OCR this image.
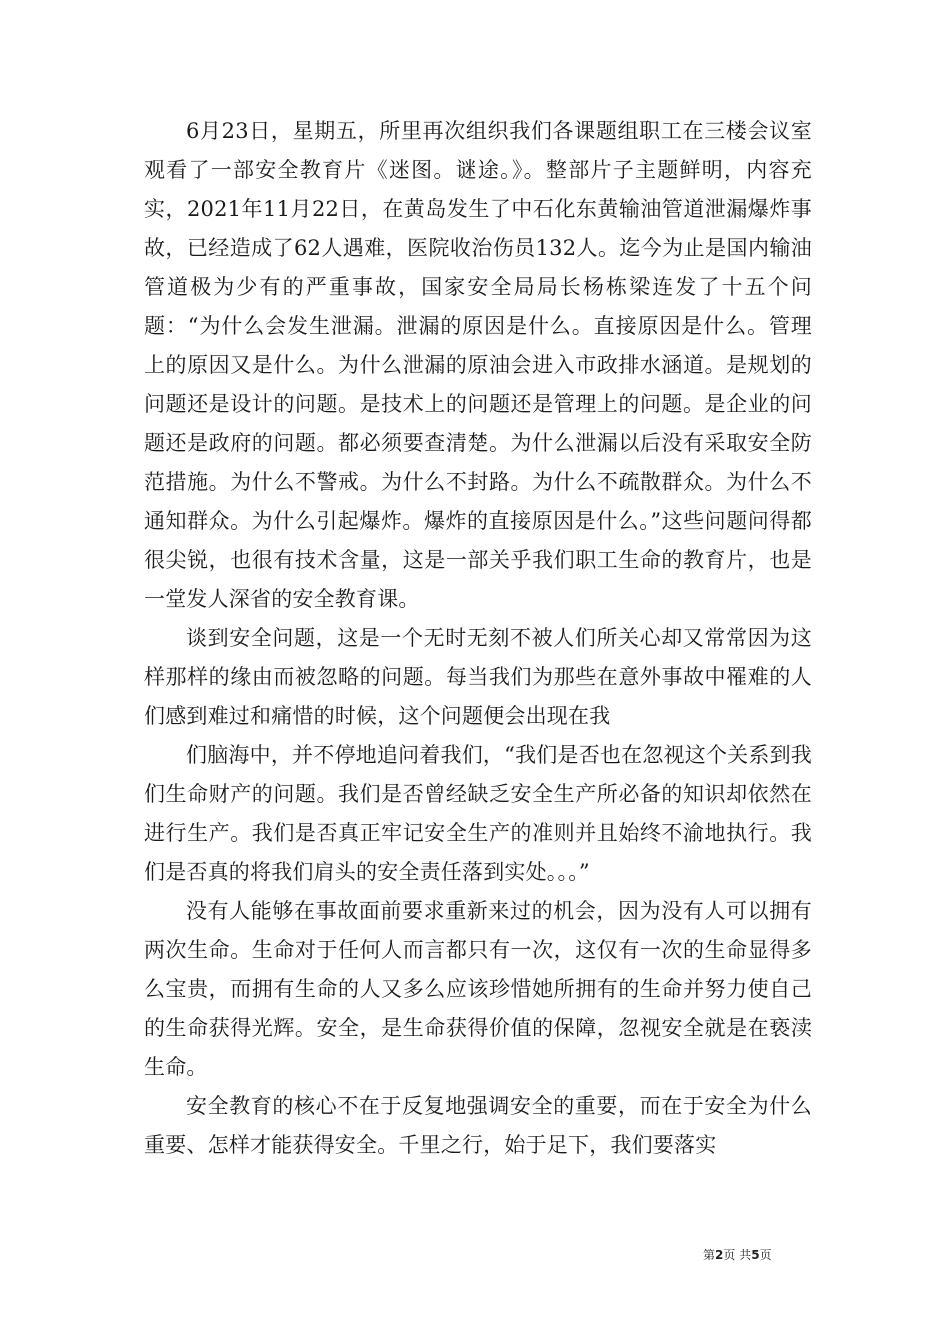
6月23日，星期五，所里再次组织我们各课题组职工在三楼会议室观看了一部安全教育片《迷图。谜途。》。整部片子主题鲜明，内容充实，2021年11月22日，在黄岛发生了中石化东黄输油管道泄漏爆炸事故，已经造成了62人遇难，医院收治伤员132人。迄今为止是国内输油管道极为少有的严重事故，国家安全局局长杨栋梁连发了十五个问题：“为什么会发生泄漏。泄漏的原因是什么。直接原因是什么。管理上的原因又是什么。为什么泄漏的原油会进入市政排水涵道。是规划的问题还是设计的问题。是技术上的问题还是管理上的问题。是企业的问题还是政府的问题。都必须要查清楚。为什么泄漏以后没有采取安全防范措施。为什么不警戒。为什么不封路。为什么不疏散群众。为什么不通知群众。为什么引起爆炸。爆炸的直接原因是什么。”这些问题问得都很尖锐，也很有技术含量，这是一部关乎我们职工生命的教育片，也是一堂发人深省的安全教育课。

谈到安全问题，这是一个无时无刻不被人们所关心却又常常因为这样那样的缘由而被忽略的问题。每当我们为那些在意外事故中罹难的人们感到难过和痛惜的时候，这个问题便会出现在我

们脑海中，并不停地追问着我们，“我们是否也在忽视这个关系到我们生命财产的问题。我们是否曾经缺乏安全生产所必备的知识却依然在进行生产。我们是否真正牢记安全生产的准则并且始终不渝地执行。我们是否真的将我们肩头的安全责任落到实处。。。”

没有人能够在事故面前要求重新来过的机会，因为没有人可以拥有两次生命。生命对于任何人而言都只有一次，这仅有一次的生命显得多么宝贵，而拥有生命的人又多么应该珍惜她所拥有的生命并努力使自己的生命获得光辉。安全，是生命获得价值的保障，忽视安全就是在亵渎生命。

安全教育的核心不在于反复地强调安全的重要，而在于安全为什么重要、怎样才能获得安全。千里之行，始于足下，我们要落实

第2页 共5页
